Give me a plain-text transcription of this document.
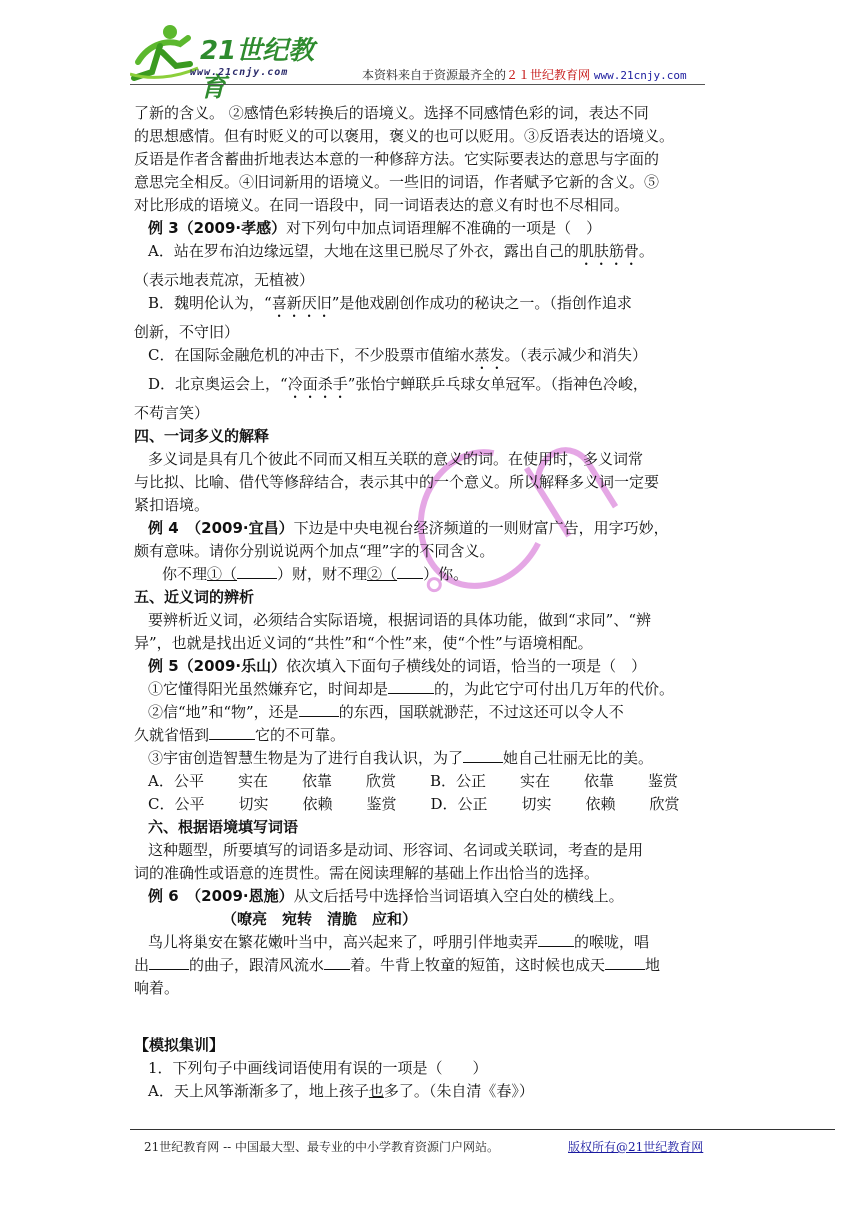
21世纪教育
www.21cnjy.com	本资料来自于资源最齐全的２１世纪教育网 www.21cnjy.com

了新的含义。 ②感情色彩转换后的语境义。选择不同感情色彩的词，表达不同

的思想感情。但有时贬义的可以褒用，褒义的也可以贬用。③反语表达的语境义。

反语是作者含蓄曲折地表达本意的一种修辞方法。它实际要表达的意思与字面的

意思完全相反。④旧词新用的语境义。一些旧的词语，作者赋予它新的含义。⑤

对比形成的语境义。在同一语段中，同一词语表达的意义有时也不尽相同。

例 3（2009·孝感）对下列句中加点词语理解不准确的一项是（　）

A．站在罗布泊边缘远望，大地在这里已脱尽了外衣，露出自己的肌肤筋骨。

（表示地表荒凉，无植被）

B．魏明伦认为，“喜新厌旧”是他戏剧创作成功的秘诀之一。（指创作追求

创新，不守旧）

C．在国际金融危机的冲击下，不少股票市值缩水蒸发。（表示减少和消失）

D．北京奥运会上，“冷面杀手”张怡宁蝉联乒乓球女单冠军。（指神色冷峻，

不苟言笑）

四、一词多义的解释

多义词是具有几个彼此不同而又相互关联的意义的词。在使用时，多义词常

与比拟、比喻、借代等修辞结合，表示其中的一个意义。所以解释多义词一定要

紧扣语境。

例 4　（2009·宜昌）下边是中央电视台经济频道的一则财富广告，用字巧妙，

颇有意味。请你分别说说两个加点“理”字的不同含义。

你不理①（	）财，财不理②（ ）你。

五、近义词的辨析

要辨析近义词，必须结合实际语境，根据词语的具体功能，做到“求同”、“辨

异”，也就是找出近义词的“共性”和“个性”来，使“个性”与语境相配。

例 5（2009·乐山）依次填入下面句子横线处的词语，恰当的一项是（　）

①它懂得阳光虽然嫌弃它，时间却是	的，为此它宁可付出几万年的代价。

②信“地”和“物”，还是	的东西，国联就渺茫，不过这还可以令人不

久就省悟到	它的不可靠。

③宇宙创造智慧生物是为了进行自我认识，为了	她自己壮丽无比的美。

A．公平 实在 依靠 欣赏 B．公正 实在 依靠 鉴赏

C．公平 切实 依赖 鉴赏 D．公正 切实 依赖 欣赏

六、根据语境填写词语

这种题型，所要填写的词语多是动词、形容词、名词或关联词，考查的是用

词的准确性或语意的连贯性。需在阅读理解的基础上作出恰当的选择。

例 6　（2009·恩施）从文后括号中选择恰当词语填入空白处的横线上。

（嘹亮　宛转　清脆　应和）

鸟儿将巢安在繁花嫩叶当中，高兴起来了，呼朋引伴地卖弄 的喉咙，唱

出	的曲子，跟清风流水 着。牛背上牧童的短笛，这时候也成天	地

响着。

【模拟集训】

1．下列句子中画线词语使用有误的一项是（　　）

A．天上风筝渐渐多了，地上孩子也多了。（朱自清《春》）

21世纪教育网 -- 中国最大型、最专业的中小学教育资源门户网站。	版权所有@21世纪教育网
